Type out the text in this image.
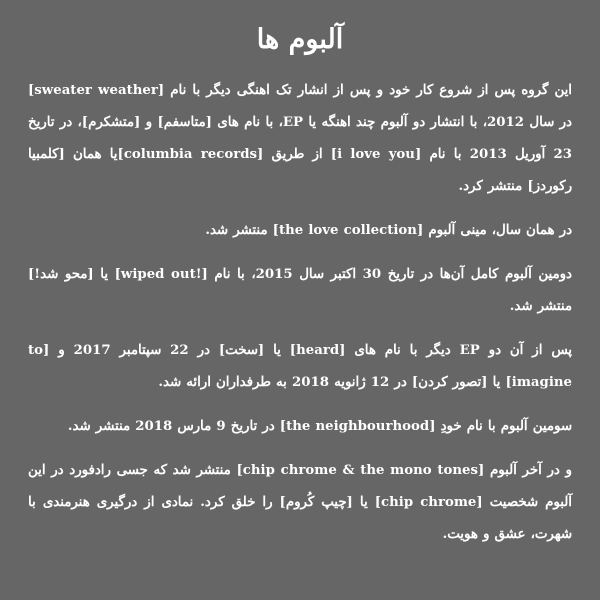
آلبوم ها

این گروه پس از شروع کار خود و پس از انشار تک اهنگی دیگر با نام [sweater weather] در سال 2012، با انتشار دو آلبوم چند اهنگه یا EP، با نام های [متاسفم] و [متشکرم]، در تاریخ 23 آوریل 2013 با نام [i love you] از طریق [columbia records]یا همان [کلمبیا رکوردز] منتشر کرد.

در همان سال، مینی آلبوم [the love collection] منتشر شد.

دومین آلبوم کامل آن‌ها در تاریخ 30 اکتبر سال 2015، با نام [!wiped out] یا [محو شد!] منتشر شد.

پس از آن دو EP دیگر با نام های [heard] یا [سخت] در 22 سپتامبر 2017 و [to imagine] یا [تصور کردن] در 12 ژانویه 2018 به طرفداران ارائه شد.

سومین آلبوم با نام خودِ [the neighbourhood] در تاریخ 9 مارس 2018 منتشر شد.

و در آخر آلبوم [chip chrome & the mono tones] منتشر شد که جسی رادفورد در این آلبوم شخصیت [chip chrome] یا [چیپ کُروم] را خلق کرد. نمادی از درگیری هنرمندی با شهرت، عشق و هویت.
